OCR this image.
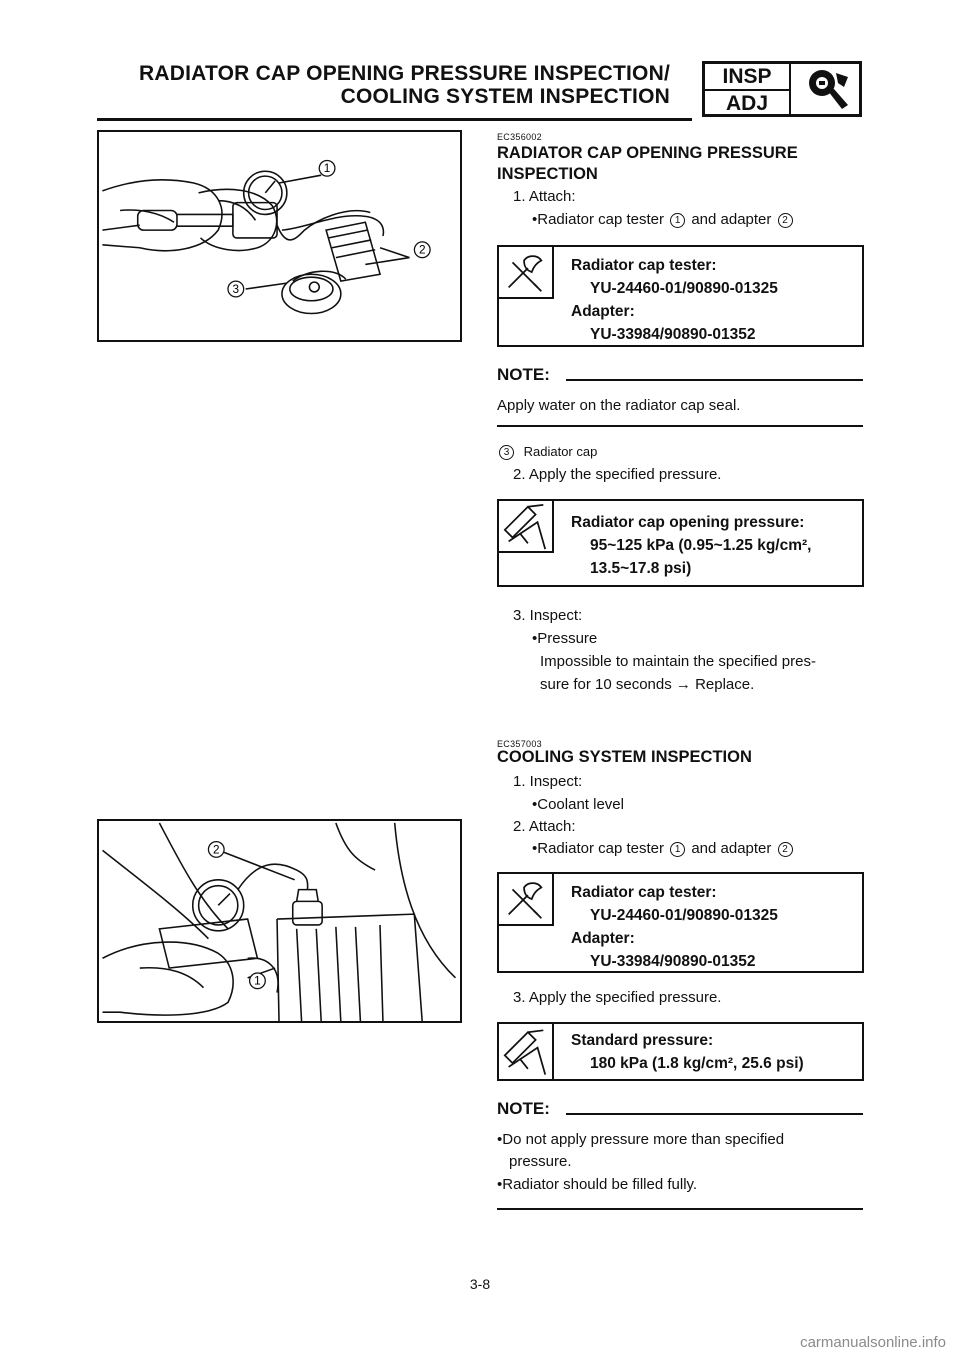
RADIATOR CAP OPENING PRESSURE INSPECTION/
COOLING SYSTEM INSPECTION
INSP
ADJ
1
2
3
2
1
EC356002
RADIATOR CAP OPENING PRESSURE
INSPECTION
1. Attach:
•Radiator cap tester 1 and adapter 2
Radiator cap tester:
YU-24460-01/90890-01325
Adapter:
YU-33984/90890-01352
NOTE:
Apply water on the radiator cap seal.
3 Radiator cap
2. Apply the specified pressure.
Radiator cap opening pressure:
95~125 kPa (0.95~1.25 kg/cm²,
13.5~17.8 psi)
3. Inspect:
•Pressure
Impossible to maintain the specified pres-
sure for 10 seconds → Replace.
EC357003
COOLING SYSTEM INSPECTION
1. Inspect:
•Coolant level
2. Attach:
•Radiator cap tester 1 and adapter 2
Radiator cap tester:
YU-24460-01/90890-01325
Adapter:
YU-33984/90890-01352
3. Apply the specified pressure.
Standard pressure:
180 kPa (1.8 kg/cm², 25.6 psi)
NOTE:
•Do not apply pressure more than specified
pressure.
•Radiator should be filled fully.
3-8
carmanualsonline.info
